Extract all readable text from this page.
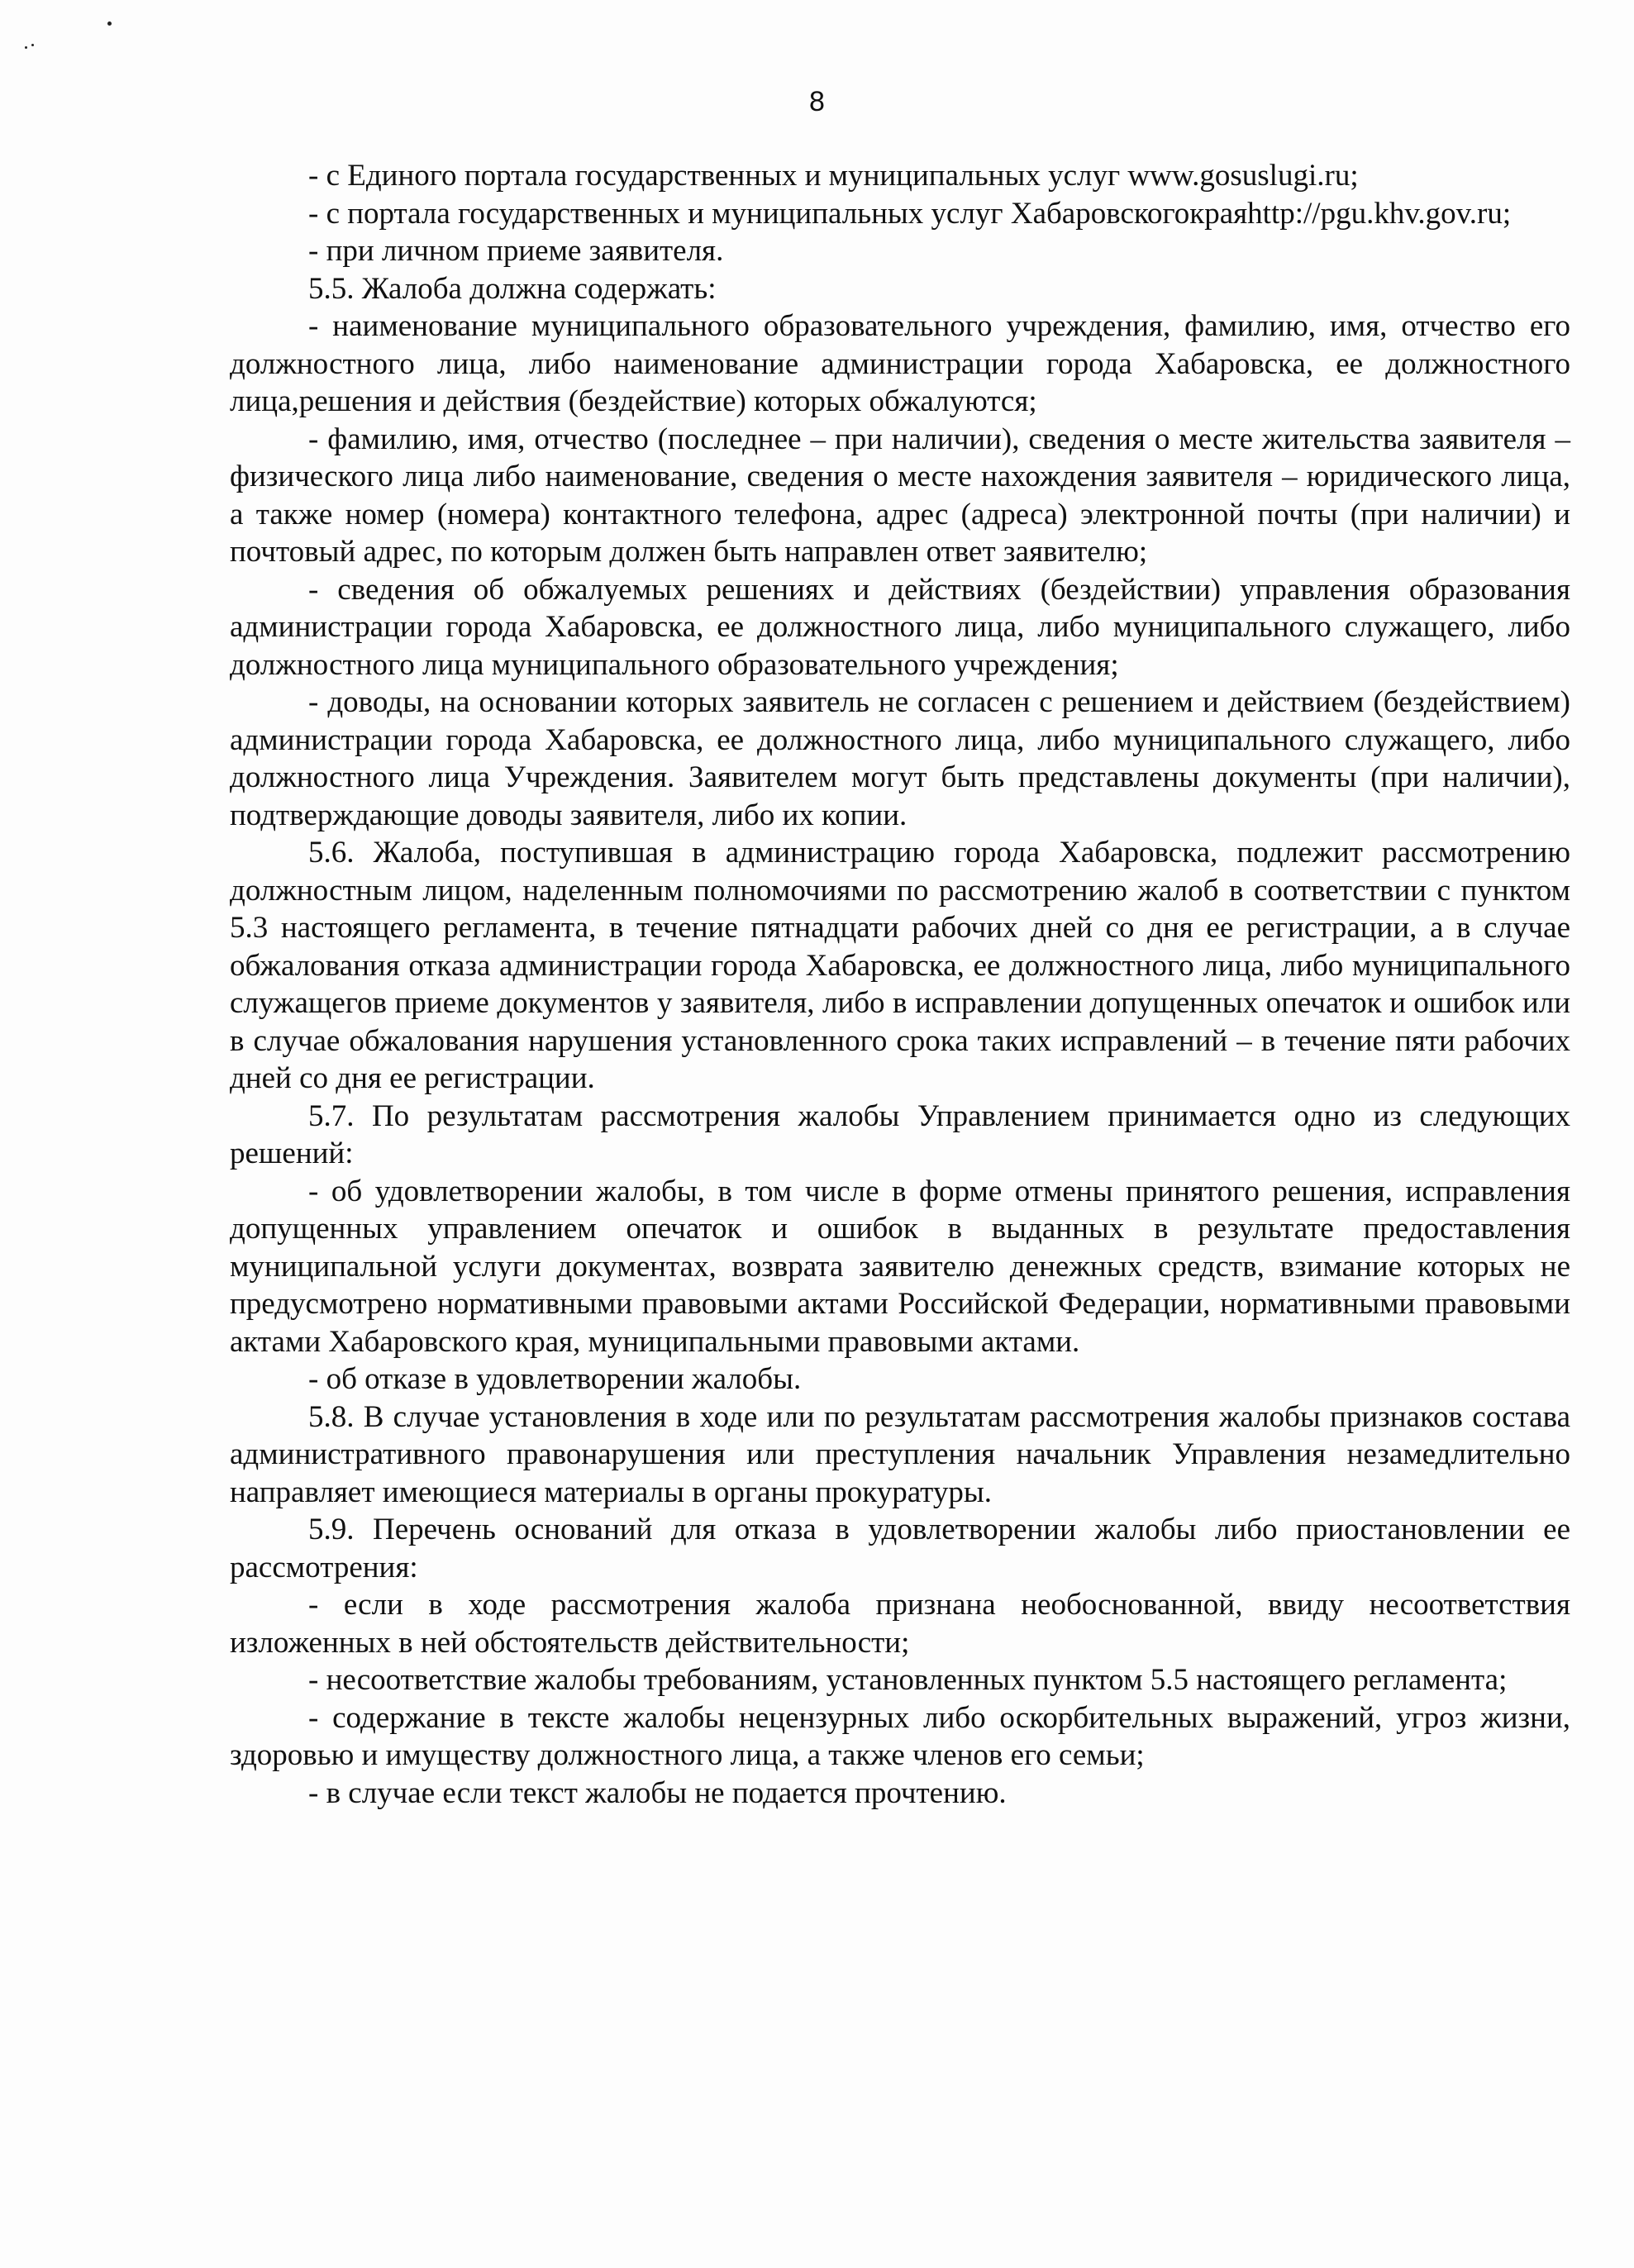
8

- с Единого портала государственных и муниципальных услуг www.gosuslugi.ru;

- с портала государственных и муниципальных услуг Хабаровскогокраяhttp://pgu.khv.gov.ru;

- при личном приеме заявителя.

5.5. Жалоба должна содержать:

- наименование муниципального образовательного учреждения, фамилию, имя, отчество его должностного лица, либо наименование администрации города Хабаровска, ее должностного лица,решения и действия (бездействие) которых обжалуются;

- фамилию, имя, отчество (последнее – при наличии), сведения о месте жительства заявителя – физического лица либо наименование, сведения о месте нахождения заявителя – юридического лица, а также номер (номера) контактного телефона, адрес (адреса) электронной почты (при наличии) и почтовый адрес, по которым должен быть направлен ответ заявителю;

- сведения об обжалуемых решениях и действиях (бездействии) управления образования администрации города Хабаровска, ее должностного лица, либо муниципального служащего, либо должностного лица муниципального образовательного учреждения;

- доводы, на основании которых заявитель не согласен с решением и действием (бездействием) администрации города Хабаровска, ее должностного лица, либо муниципального служащего, либо должностного лица Учреждения. Заявителем могут быть представлены документы (при наличии), подтверждающие доводы заявителя, либо их копии.

5.6. Жалоба, поступившая в администрацию города Хабаровска, подлежит рассмотрению должностным лицом, наделенным полномочиями по рассмотрению жалоб в соответствии с пунктом 5.3 настоящего регламента, в течение пятнадцати рабочих дней со дня ее регистрации, а в случае обжалования отказа администрации города Хабаровска, ее должностного лица, либо муниципального служащегов приеме документов у заявителя, либо в исправлении допущенных опечаток и ошибок или в случае обжалования нарушения установленного срока таких исправлений – в течение пяти рабочих дней со дня ее регистрации.

5.7. По результатам рассмотрения жалобы Управлением принимается одно из следующих решений:

- об удовлетворении жалобы, в том числе в форме отмены принятого решения, исправления допущенных управлением опечаток и ошибок в выданных в результате предоставления муниципальной услуги документах, возврата заявителю денежных средств, взимание которых не предусмотрено нормативными правовыми актами Российской Федерации, нормативными правовыми актами Хабаровского края, муниципальными правовыми актами.

- об отказе в удовлетворении жалобы.

5.8. В случае установления в ходе или по результатам рассмотрения жалобы признаков состава административного правонарушения или преступления начальник Управления незамедлительно направляет имеющиеся материалы в органы прокуратуры.

5.9. Перечень оснований для отказа в удовлетворении жалобы либо приостановлении ее рассмотрения:

- если в ходе рассмотрения жалоба признана необоснованной, ввиду несоответствия изложенных в ней обстоятельств действительности;

- несоответствие жалобы требованиям, установленных пунктом 5.5 настоящего регламента;

- содержание в тексте жалобы нецензурных либо оскорбительных выражений, угроз жизни, здоровью и имуществу должностного лица, а также членов его семьи;

- в случае если текст жалобы не подается прочтению.
